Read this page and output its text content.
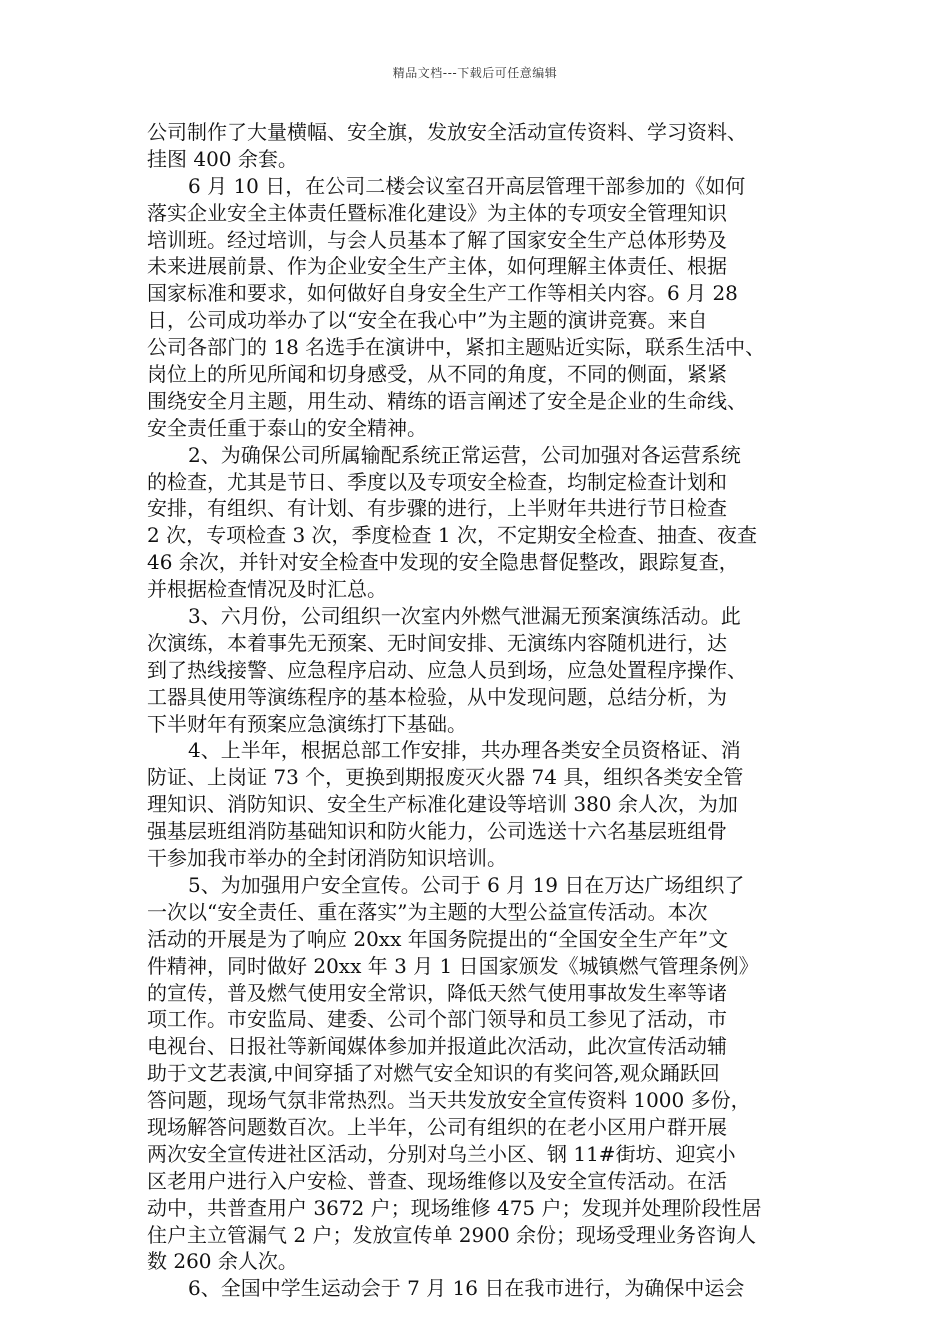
精品文档---下载后可任意编辑
公司制作了大量横幅、安全旗，发放安全活动宣传资料、学习资料、
挂图 400 余套。
6 月 10 日，在公司二楼会议室召开高层管理干部参加的《如何
落实企业安全主体责任暨标准化建设》为主体的专项安全管理知识
培训班。经过培训，与会人员基本了解了国家安全生产总体形势及
未来进展前景、作为企业安全生产主体，如何理解主体责任、根据
国家标准和要求，如何做好自身安全生产工作等相关内容。6 月 28
日，公司成功举办了以“安全在我心中”为主题的演讲竞赛。来自
公司各部门的 18 名选手在演讲中，紧扣主题贴近实际，联系生活中、
岗位上的所见所闻和切身感受，从不同的角度，不同的侧面，紧紧
围绕安全月主题，用生动、精练的语言阐述了安全是企业的生命线、
安全责任重于泰山的安全精神。
2、为确保公司所属输配系统正常运营，公司加强对各运营系统
的检查，尤其是节日、季度以及专项安全检查，均制定检查计划和
安排，有组织、有计划、有步骤的进行，上半财年共进行节日检查
2 次，专项检查 3 次，季度检查 1 次，不定期安全检查、抽查、夜查
46 余次，并针对安全检查中发现的安全隐患督促整改，跟踪复查，
并根据检查情况及时汇总。
3、六月份，公司组织一次室内外燃气泄漏无预案演练活动。此
次演练，本着事先无预案、无时间安排、无演练内容随机进行，达
到了热线接警、应急程序启动、应急人员到场，应急处置程序操作、
工器具使用等演练程序的基本检验，从中发现问题，总结分析，为
下半财年有预案应急演练打下基础。
4、上半年，根据总部工作安排，共办理各类安全员资格证、消
防证、上岗证 73 个，更换到期报废灭火器 74 具，组织各类安全管
理知识、消防知识、安全生产标准化建设等培训 380 余人次，为加
强基层班组消防基础知识和防火能力，公司选送十六名基层班组骨
干参加我市举办的全封闭消防知识培训。
5、为加强用户安全宣传。公司于 6 月 19 日在万达广场组织了
一次以“安全责任、重在落实”为主题的大型公益宣传活动。本次
活动的开展是为了响应 20xx 年国务院提出的“全国安全生产年”文
件精神，同时做好 20xx 年 3 月 1 日国家颁发《城镇燃气管理条例》
的宣传，普及燃气使用安全常识，降低天然气使用事故发生率等诸
项工作。市安监局、建委、公司个部门领导和员工参见了活动，市
电视台、日报社等新闻媒体参加并报道此次活动，此次宣传活动辅
助于文艺表演,中间穿插了对燃气安全知识的有奖问答,观众踊跃回
答问题，现场气氛非常热烈。当天共发放安全宣传资料 1000 多份，
现场解答问题数百次。上半年，公司有组织的在老小区用户群开展
两次安全宣传进社区活动，分别对乌兰小区、钢 11#街坊、迎宾小
区老用户进行入户安检、普查、现场维修以及安全宣传活动。在活
动中，共普查用户 3672 户；现场维修 475 户；发现并处理阶段性居
住户主立管漏气 2 户；发放宣传单 2900 余份；现场受理业务咨询人
数 260 余人次。
6、全国中学生运动会于 7 月 16 日在我市进行，为确保中运会
